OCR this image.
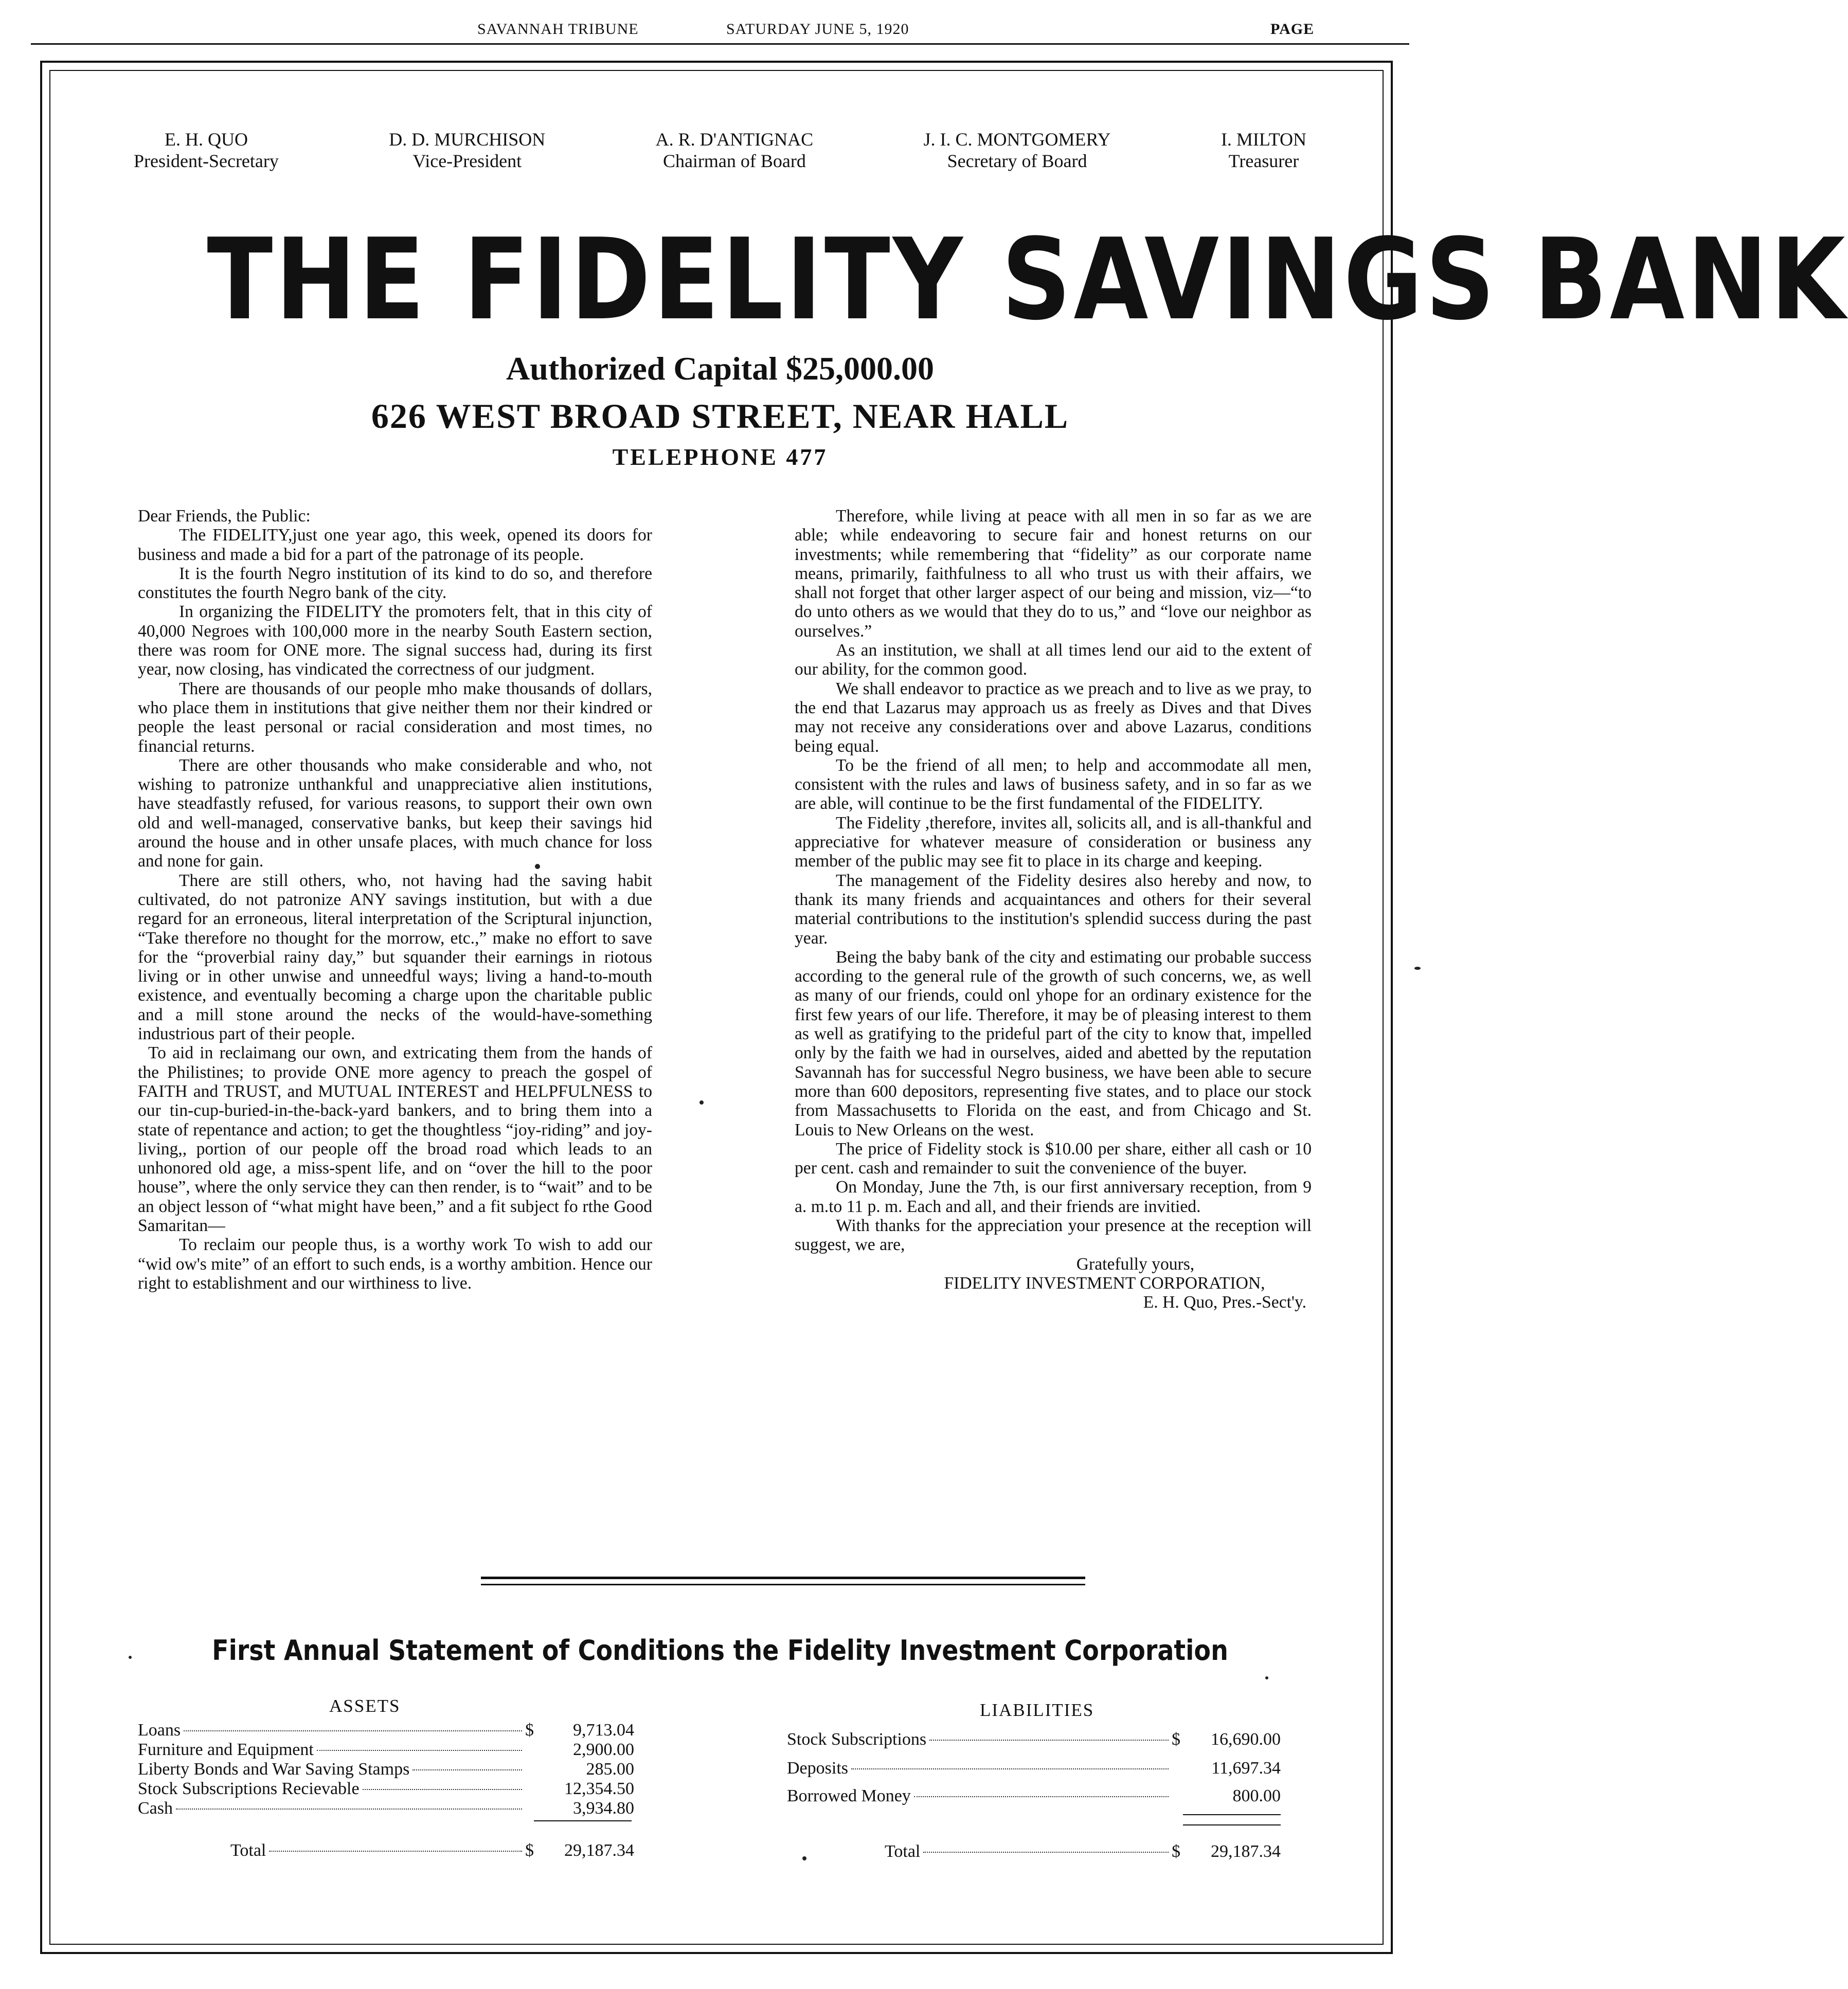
SAVANNAH TRIBUNE	SATURDAY JUNE 5, 1920	PAGE
E. H. QUO
President-Secretary
D. D. MURCHISON
Vice-President
A. R. D'ANTIGNAC
Chairman of Board
J. I. C. MONTGOMERY
Secretary of Board
I. MILTON
Treasurer
THE FIDELITY SAVINGS BANK
Authorized Capital $25,000.00
626 WEST BROAD STREET, NEAR HALL
TELEPHONE 477

Dear Friends, the Public:

The FIDELITY,just one year ago, this week, opened its doors for business and made a bid for a part of the patronage of its people.

It is the fourth Negro institution of its kind to do so, and therefore constitutes the fourth Negro bank of the city.

In organizing the FIDELITY the promoters felt, that in this city of 40,000 Negroes with 100,000 more in the nearby South Eastern section, there was room for ONE more. The signal success had, during its first year, now closing, has vindicated the correctness of our judgment.

There are thousands of our people mho make thousands of dollars, who place them in institutions that give neither them nor their kindred or people the least personal or racial consideration and most times, no financial returns.

There are other thousands who make considerable and who, not wishing to patronize unthankful and unappreciative alien institutions, have steadfastly refused, for various reasons, to support their own own old and well-managed, conservative banks, but keep their savings hid around the house and in other unsafe places, with much chance for loss and none for gain.

There are still others, who, not having had the saving habit cultivated, do not patronize ANY savings institution, but with a due regard for an erroneous, literal interpretation of the Scriptural injunction, “Take therefore no thought for the morrow, etc.,” make no effort to save for the “proverbial rainy day,” but squander their earnings in riotous living or in other unwise and unneedful ways; living a hand-to-mouth existence, and eventually becoming a charge upon the charitable public and a mill stone around the necks of the would-have-something industrious part of their people.

To aid in reclaimang our own, and extricating them from the hands of the Philistines; to provide ONE more agency to preach the gospel of FAITH and TRUST, and MUTUAL INTEREST and HELPFULNESS to our tin-cup-buried-in-the-back-yard bankers, and to bring them into a state of repentance and action; to get the thoughtless “joy-riding” and joy-living,, portion of our people off the broad road which leads to an unhonored old age, a miss-spent life, and on “over the hill to the poor house”, where the only service they can then render, is to “wait” and to be an object lesson of “what might have been,” and a fit subject fo rthe Good Samaritan—

To reclaim our people thus, is a worthy work To wish to add our “wid ow's mite” of an effort to such ends, is a worthy ambition. Hence our right to establishment and our wirthiness to live.

Therefore, while living at peace with all men in so far as we are able; while endeavoring to secure fair and honest returns on our investments; while remembering that “fidelity” as our corporate name means, primarily, faithfulness to all who trust us with their affairs, we shall not forget that other larger aspect of our being and mission, viz—“to do unto others as we would that they do to us,” and “love our neighbor as ourselves.”

As an institution, we shall at all times lend our aid to the extent of our ability, for the common good.

We shall endeavor to practice as we preach and to live as we pray, to the end that Lazarus may approach us as freely as Dives and that Dives may not receive any considerations over and above Lazarus, conditions being equal.

To be the friend of all men; to help and accommodate all men, consistent with the rules and laws of business safety, and in so far as we are able, will continue to be the first fundamental of the FIDELITY.

The Fidelity ,therefore, invites all, solicits all, and is all-thankful and appreciative for whatever measure of consideration or business any member of the public may see fit to place in its charge and keeping.

The management of the Fidelity desires also hereby and now, to thank its many friends and acquaintances and others for their several material contributions to the institution's splendid success during the past year.

Being the baby bank of the city and estimating our probable success according to the general rule of the growth of such concerns, we, as well as many of our friends, could onl yhope for an ordinary existence for the first few years of our life. Therefore, it may be of pleasing interest to them as well as gratifying to the prideful part of the city to know that, impelled only by the faith we had in ourselves, aided and abetted by the reputation Savannah has for successful Negro business, we have been able to secure more than 600 depositors, representing five states, and to place our stock from Massachusetts to Florida on the east, and from Chicago and St. Louis to New Orleans on the west.

The price of Fidelity stock is $10.00 per share, either all cash or 10 per cent. cash and remainder to suit the convenience of the buyer.

On Monday, June the 7th, is our first anniversary reception, from 9 a. m.to 11 p. m. Each and all, and their friends are invitied.

With thanks for the appreciation your presence at the reception will suggest, we are,

Gratefully yours,

FIDELITY INVESTMENT CORPORATION,

E. H. Quo, Pres.-Sect'y.

First Annual Statement of Conditions the Fidelity Investment Corporation
ASSETS	LIABILITIES
Loans	$	9,713.04
Furniture and Equipment	2,900.00
Liberty Bonds and War Saving Stamps	285.00
Stock Subscriptions Recievable	12,354.50
Cash	3,934.80
Total	$	29,187.34
Stock Subscriptions	$	16,690.00
Deposits	11,697.34
Borrowed Money	800.00
Total	$	29,187.34
